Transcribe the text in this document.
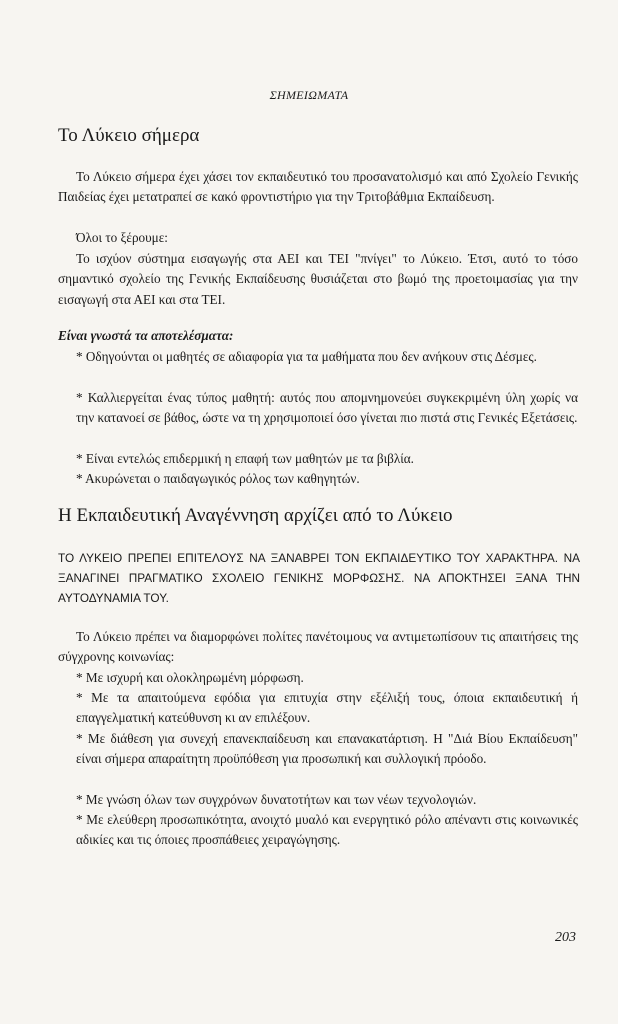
ΣΗΜΕΙΩΜΑΤΑ
Το Λύκειο σήμερα

Το Λύκειο σήμερα έχει χάσει τον εκπαιδευτικό του προσανατολισμό και από Σχολείο Γενικής Παιδείας έχει μετατραπεί σε κακό φροντιστήριο για την Τριτοβάθμια Εκπαίδευση.

Όλοι το ξέρουμε:

Το ισχύον σύστημα εισαγωγής στα ΑΕΙ και ΤΕΙ "πνίγει" το Λύκειο. Έτσι, αυτό το τόσο σημαντικό σχολείο της Γενικής Εκπαίδευσης θυσιάζεται στο βωμό της προετοιμασίας για την εισαγωγή στα ΑΕΙ και στα ΤΕΙ.

Είναι γνωστά τα αποτελέσματα:

* Οδηγούνται οι μαθητές σε αδιαφορία για τα μαθήματα που δεν ανήκουν στις Δέσμες.

* Καλλιεργείται ένας τύπος μαθητή: αυτός που απομνημονεύει συγκεκριμένη ύλη χωρίς να την κατανοεί σε βάθος, ώστε να τη χρησιμοποιεί όσο γίνεται πιο πιστά στις Γενικές Εξετάσεις.

* Είναι εντελώς επιδερμική η επαφή των μαθητών με τα βιβλία.

* Ακυρώνεται ο παιδαγωγικός ρόλος των καθηγητών.

Η Εκπαιδευτική Αναγέννηση αρχίζει από το Λύκειο

ΤΟ ΛΥΚΕΙΟ ΠΡΕΠΕΙ ΕΠΙΤΕΛΟΥΣ ΝΑ ΞΑΝΑΒΡΕΙ ΤΟΝ ΕΚΠΑΙΔΕΥΤΙΚΟ ΤΟΥ ΧΑΡΑΚΤΗΡΑ. ΝΑ ΞΑΝΑΓΙΝΕΙ ΠΡΑΓΜΑΤΙΚΟ ΣΧΟΛΕΙΟ ΓΕΝΙΚΗΣ ΜΟΡΦΩΣΗΣ. ΝΑ ΑΠΟΚΤΗΣΕΙ ΞΑΝΑ ΤΗΝ ΑΥΤΟΔΥΝΑΜΙΑ ΤΟΥ.

Το Λύκειο πρέπει να διαμορφώνει πολίτες πανέτοιμους να αντιμετωπίσουν τις απαιτήσεις της σύγχρονης κοινωνίας:

* Με ισχυρή και ολοκληρωμένη μόρφωση.

* Με τα απαιτούμενα εφόδια για επιτυχία στην εξέλιξή τους, όποια εκπαιδευτική ή επαγγελματική κατεύθυνση κι αν επιλέξουν.

* Με διάθεση για συνεχή επανεκπαίδευση και επανακατάρτιση. Η "Διά Βίου Εκπαίδευση" είναι σήμερα απαραίτητη προϋπόθεση για προσωπική και συλλογική πρόοδο.

* Με γνώση όλων των συγχρόνων δυνατοτήτων και των νέων τεχνολογιών.

* Με ελεύθερη προσωπικότητα, ανοιχτό μυαλό και ενεργητικό ρόλο απέναντι στις κοινωνικές αδικίες και τις όποιες προσπάθειες χειραγώγησης.

203
